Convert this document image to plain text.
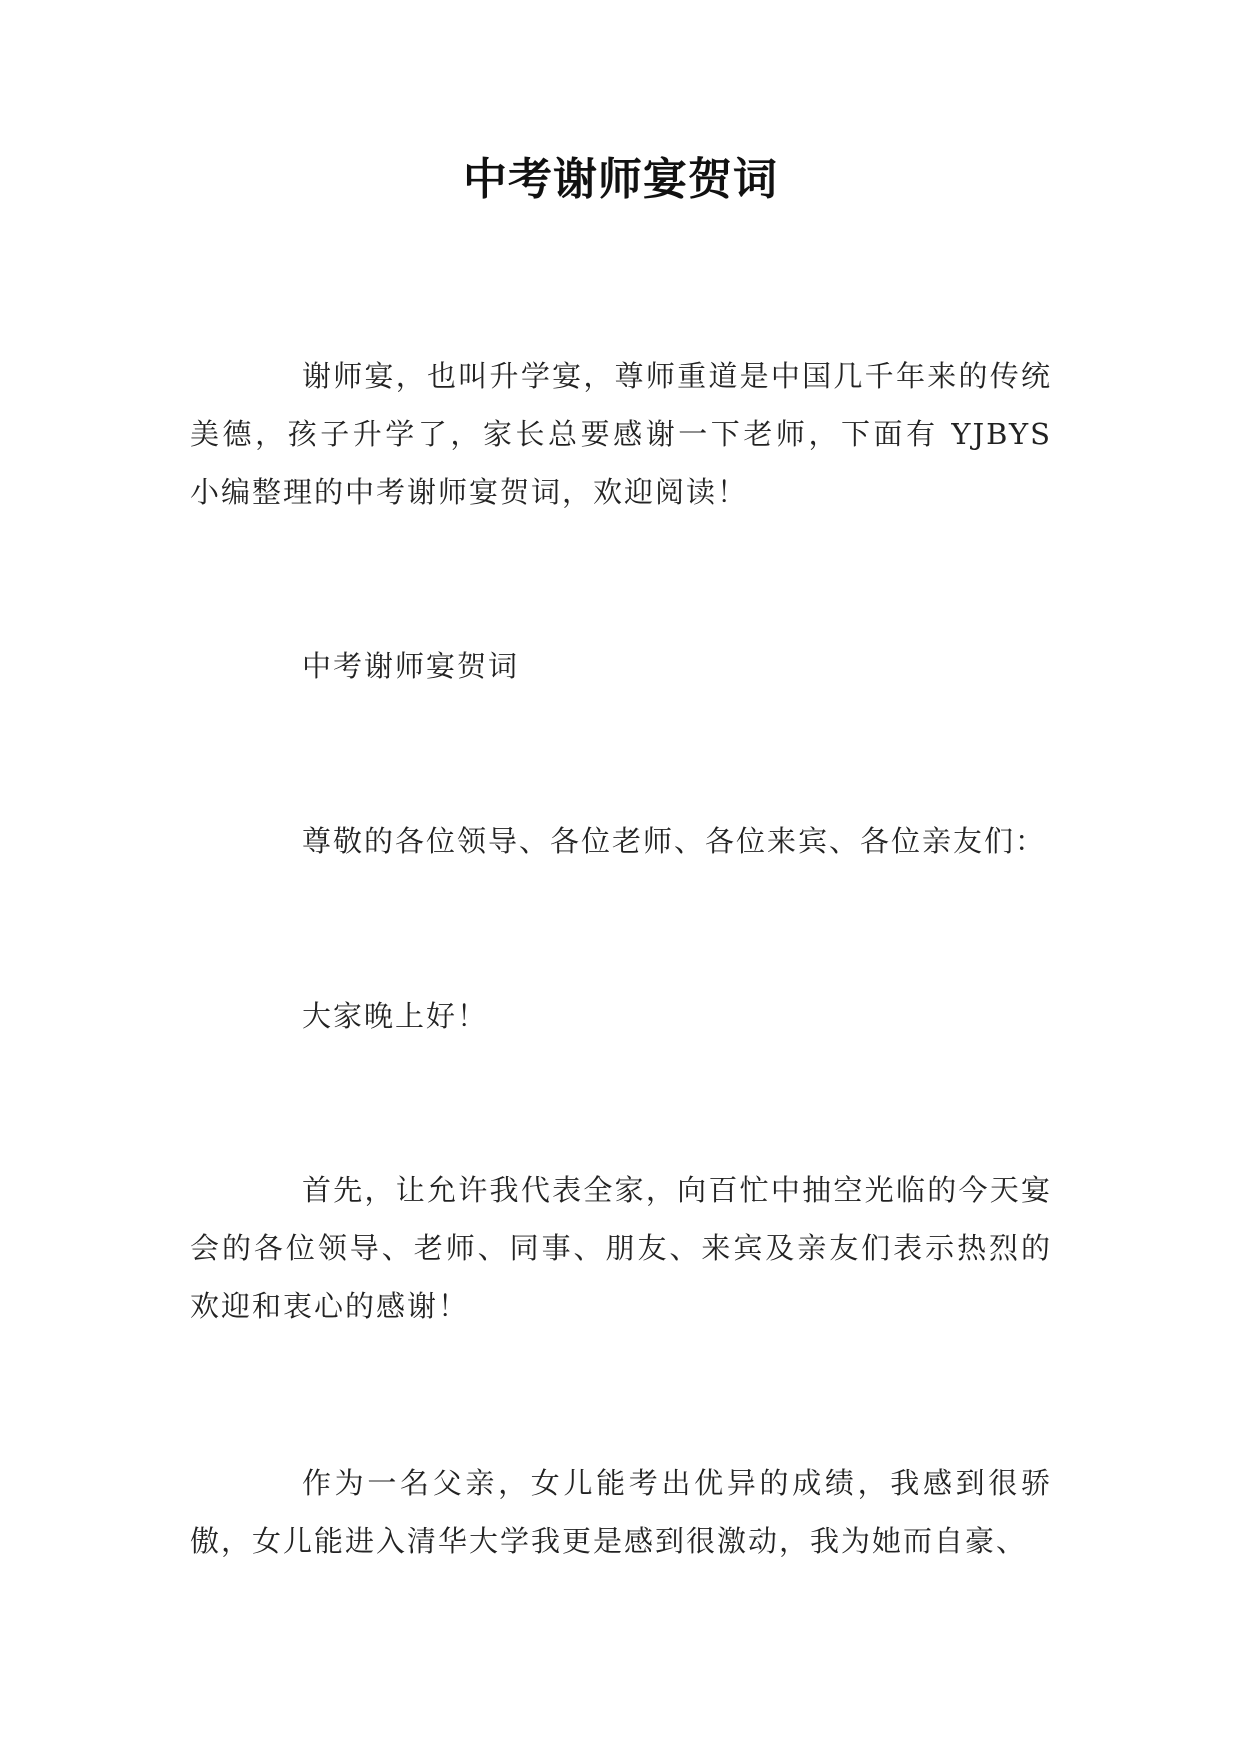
中考谢师宴贺词

谢师宴，也叫升学宴，尊师重道是中国几千年来的传统美德，孩子升学了，家长总要感谢一下老师，下面有 YJBYS 小编整理的中考谢师宴贺词，欢迎阅读！

中考谢师宴贺词

尊敬的各位领导、各位老师、各位来宾、各位亲友们：

大家晚上好！

首先，让允许我代表全家，向百忙中抽空光临的今天宴会的各位领导、老师、同事、朋友、来宾及亲友们表示热烈的欢迎和衷心的感谢！

作为一名父亲，女儿能考出优异的成绩，我感到很骄傲，女儿能进入清华大学我更是感到很激动，我为她而自豪、
